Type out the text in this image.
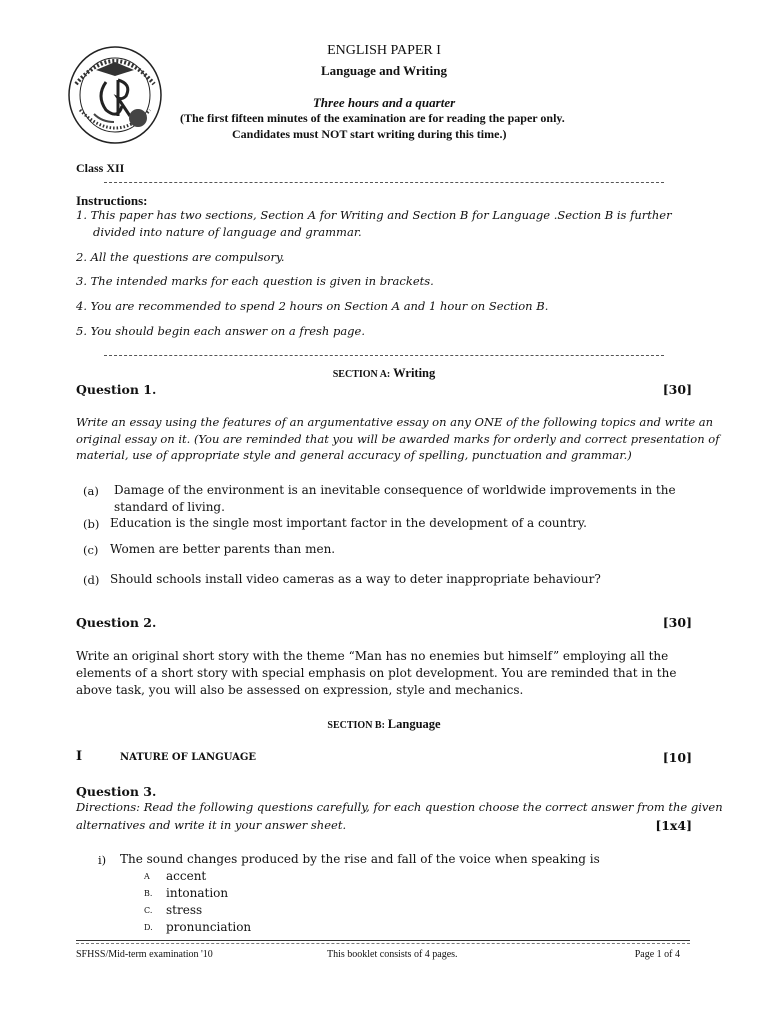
ENGLISH PAPER I
Language and Writing
Three hours and a quarter
(The first fifteen minutes of the examination are for reading the paper only.
Candidates must NOT start writing during this time.)
Class XII
Instructions:
1. This paper has two sections, Section A for Writing and Section B for Language .Section B is further
divided into nature of language and grammar.
2. All the questions are compulsory.
3. The intended marks for each question is given in brackets.
4. You are recommended to spend 2 hours on Section A and 1 hour on Section B.
5. You should begin each answer on a fresh page.
SECTION A: Writing
Question 1.	[30]
Write an essay using the features of an argumentative essay on any ONE of the following topics and write an
original essay on it. (You are reminded that you will be awarded marks for orderly and correct presentation of
material, use of appropriate style and general accuracy of spelling, punctuation and grammar.)
(a) Damage of the environment is an inevitable consequence of worldwide improvements in the
standard of living.
(b) Education is the single most important factor in the development of a country.
(c) Women are better parents than men.
(d) Should schools install video cameras as a way to deter inappropriate behaviour?
Question 2.	[30]
Write an original short story with the theme “Man has no enemies but himself” employing all the
elements of a short story with special emphasis on plot development. You are reminded that in the
above task, you will also be assessed on expression, style and mechanics.
SECTION B: Language
I	NATURE OF LANGUAGE	[10]
Question 3.
Directions: Read the following questions carefully, for each question choose the correct answer from the given
alternatives and write it in your answer sheet.	[1x4]
i) The sound changes produced by the rise and fall of the voice when speaking is
A accent
B. intonation
C. stress
D. pronunciation
SFHSS/Mid-term examination '10	This booklet consists of 4 pages.	Page 1 of 4
